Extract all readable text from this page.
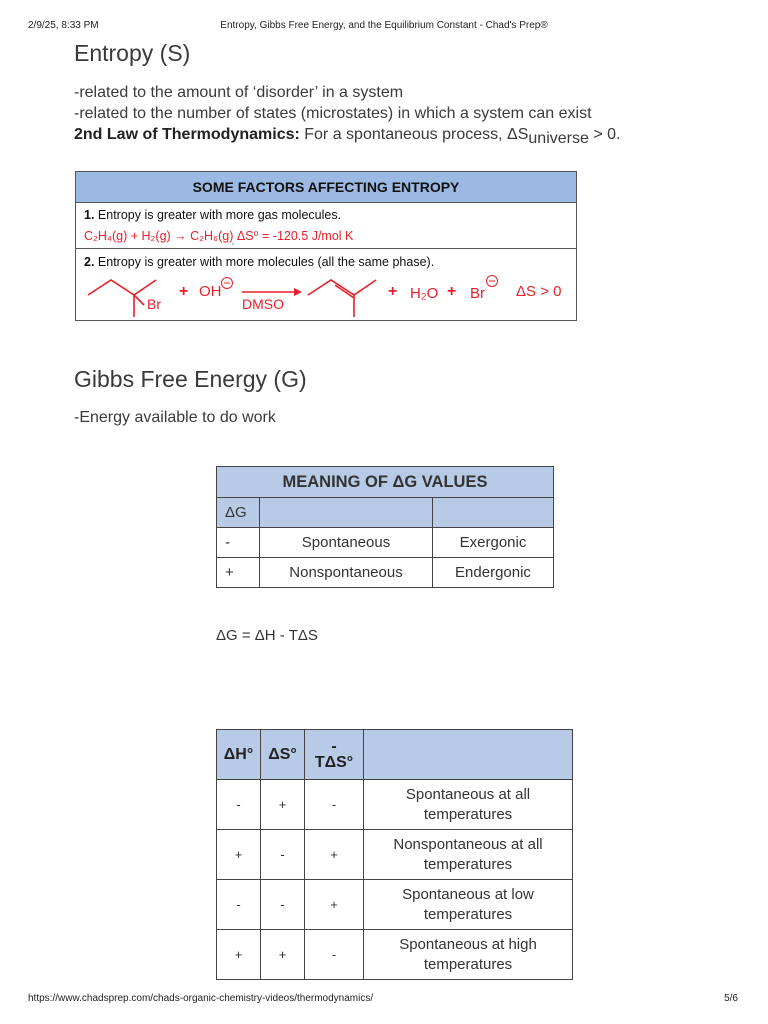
2/9/25, 8:33 PM	Entropy, Gibbs Free Energy, and the Equilibrium Constant - Chad's Prep®
Entropy (S)
-related to the amount of ‘disorder’ in a system
-related to the number of states (microstates) in which a system can exist
2nd Law of Thermodynamics: For a spontaneous process, ΔSuniverse > 0.
SOME FACTORS AFFECTING ENTROPY
1. Entropy is greater with more gas molecules.
C₂H₄(g) + H₂(g) → C₂H₆(g) ΔS⁰ = -120.5 J/mol K
2. Entropy is greater with more molecules (all the same phase).
Br
+ OH
DMSO
+ H₂O + Br ΔS > 0
Gibbs Free Energy (G)
-Energy available to do work
MEANING OF ΔG VALUES		
ΔG		
-	Spontaneous	Exergonic
+	Nonspontaneous	Endergonic
ΔG = ΔH - TΔS
ΔH°	ΔS°	-
TΔS°	

-	+	-	Spontaneous at all
temperatures

+	-	+	Nonspontaneous at all
temperatures

-	-	+	Spontaneous at low
temperatures

+	+	-	Spontaneous at high
temperatures
https://www.chadsprep.com/chads-organic-chemistry-videos/thermodynamics/	5/6
